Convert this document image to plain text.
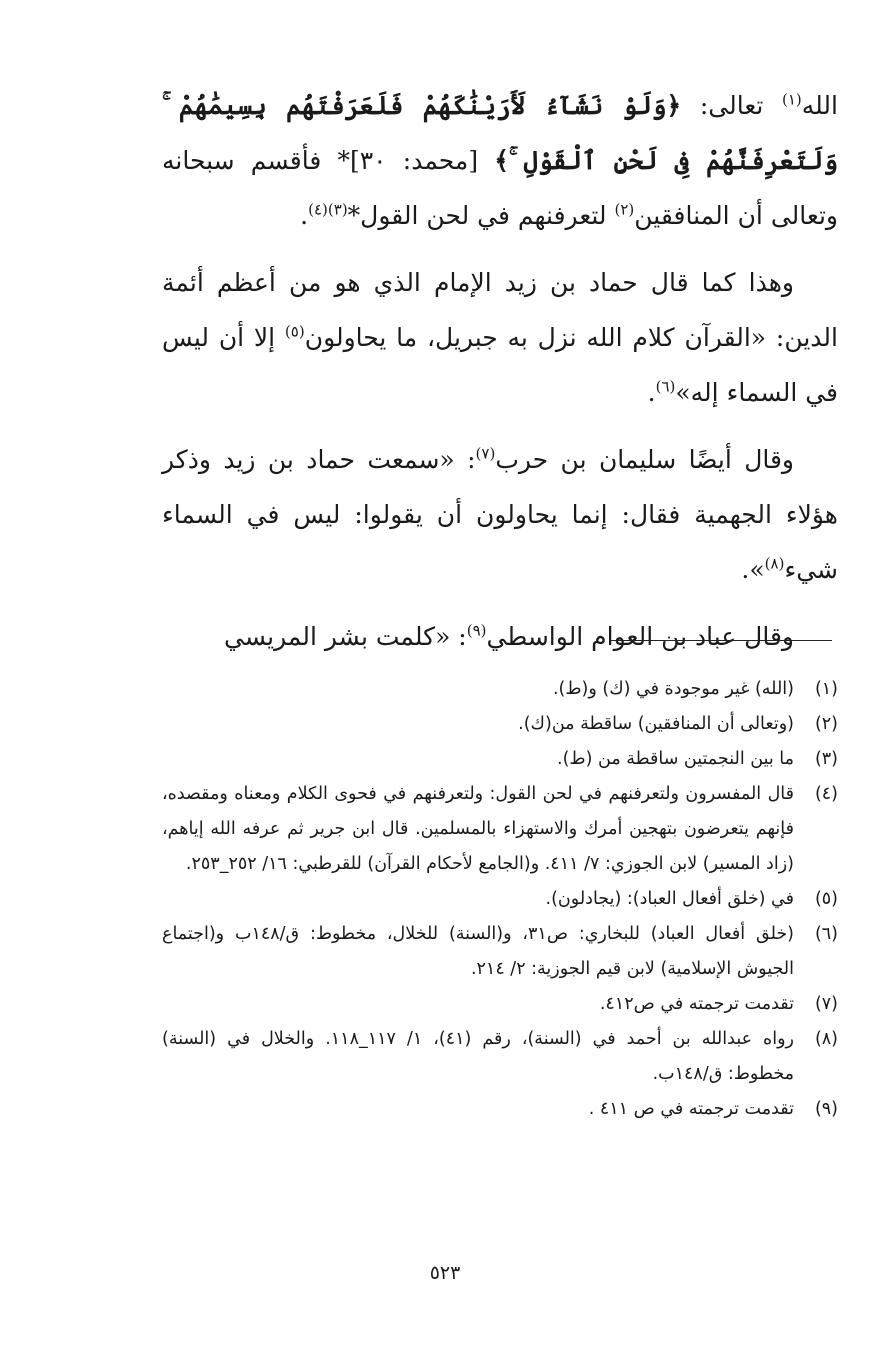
الله$^{(١)}$ تعالى: ﴿وَلَوْ نَشَآءُ لَأَرَيْنَٰكَهُمْ فَلَعَرَفْتَهُم بِسِيمَٰهُمْ ۚ وَلَتَعْرِفَنَّهُمْ فِى لَحْنِ ٱلْقَوْلِ ۚ﴾ [محمد: ٣٠]* فأقسم سبحانه وتعالى أن المنافقين$^{(٢)}$ لتعرفنهم في لحن القول*$^{(٣)(٤)}$.

وهذا كما قال حماد بن زيد الإمام الذي هو من أعظم أئمة الدين: «القرآن كلام الله نزل به جبريل، ما يحاولون$^{(٥)}$ إلا أن ليس في السماء إله»$^{(٦)}$.

وقال أيضًا سليمان بن حرب$^{(٧)}$: «سمعت حماد بن زيد وذكر هؤلاء الجهمية فقال: إنما يحاولون أن يقولوا: ليس في السماء شيء$^{(٨)}$».

وقال عباد بن العوام الواسطي$^{(٩)}$: «كلمت بشر المريسي

(١)
(الله) غير موجودة في (ك) و(ط).
(٢)
(وتعالى أن المنافقين) ساقطة من(ك).
(٣)
ما بين النجمتين ساقطة من (ط).
(٤)
قال المفسرون ولتعرفنهم في لحن القول: ولتعرفنهم في فحوى الكلام ومعناه ومقصده، فإنهم يتعرضون بتهجين أمرك والاستهزاء بالمسلمين. قال ابن جرير ثم عرفه الله إياهم، (زاد المسير) لابن الجوزي: ٧/ ٤١١. و(الجامع لأحكام القرآن) للقرطبي: ١٦/ ٢٥٢_٢٥٣.
(٥)
في (خلق أفعال العباد): (يجادلون).
(٦)
(خلق أفعال العباد) للبخاري: ص٣١، و(السنة) للخلال، مخطوط: ق/١٤٨ب و(اجتماع الجيوش الإسلامية) لابن قيم الجوزية: ٢/ ٢١٤.
(٧)
تقدمت ترجمته في ص٤١٢.
(٨)
رواه عبدالله بن أحمد في (السنة)، رقم (٤١)، ١/ ١١٧_١١٨. والخلال في (السنة) مخطوط: ق/١٤٨ب.
(٩)
تقدمت ترجمته في ص ٤١١ .
٥٢٣
